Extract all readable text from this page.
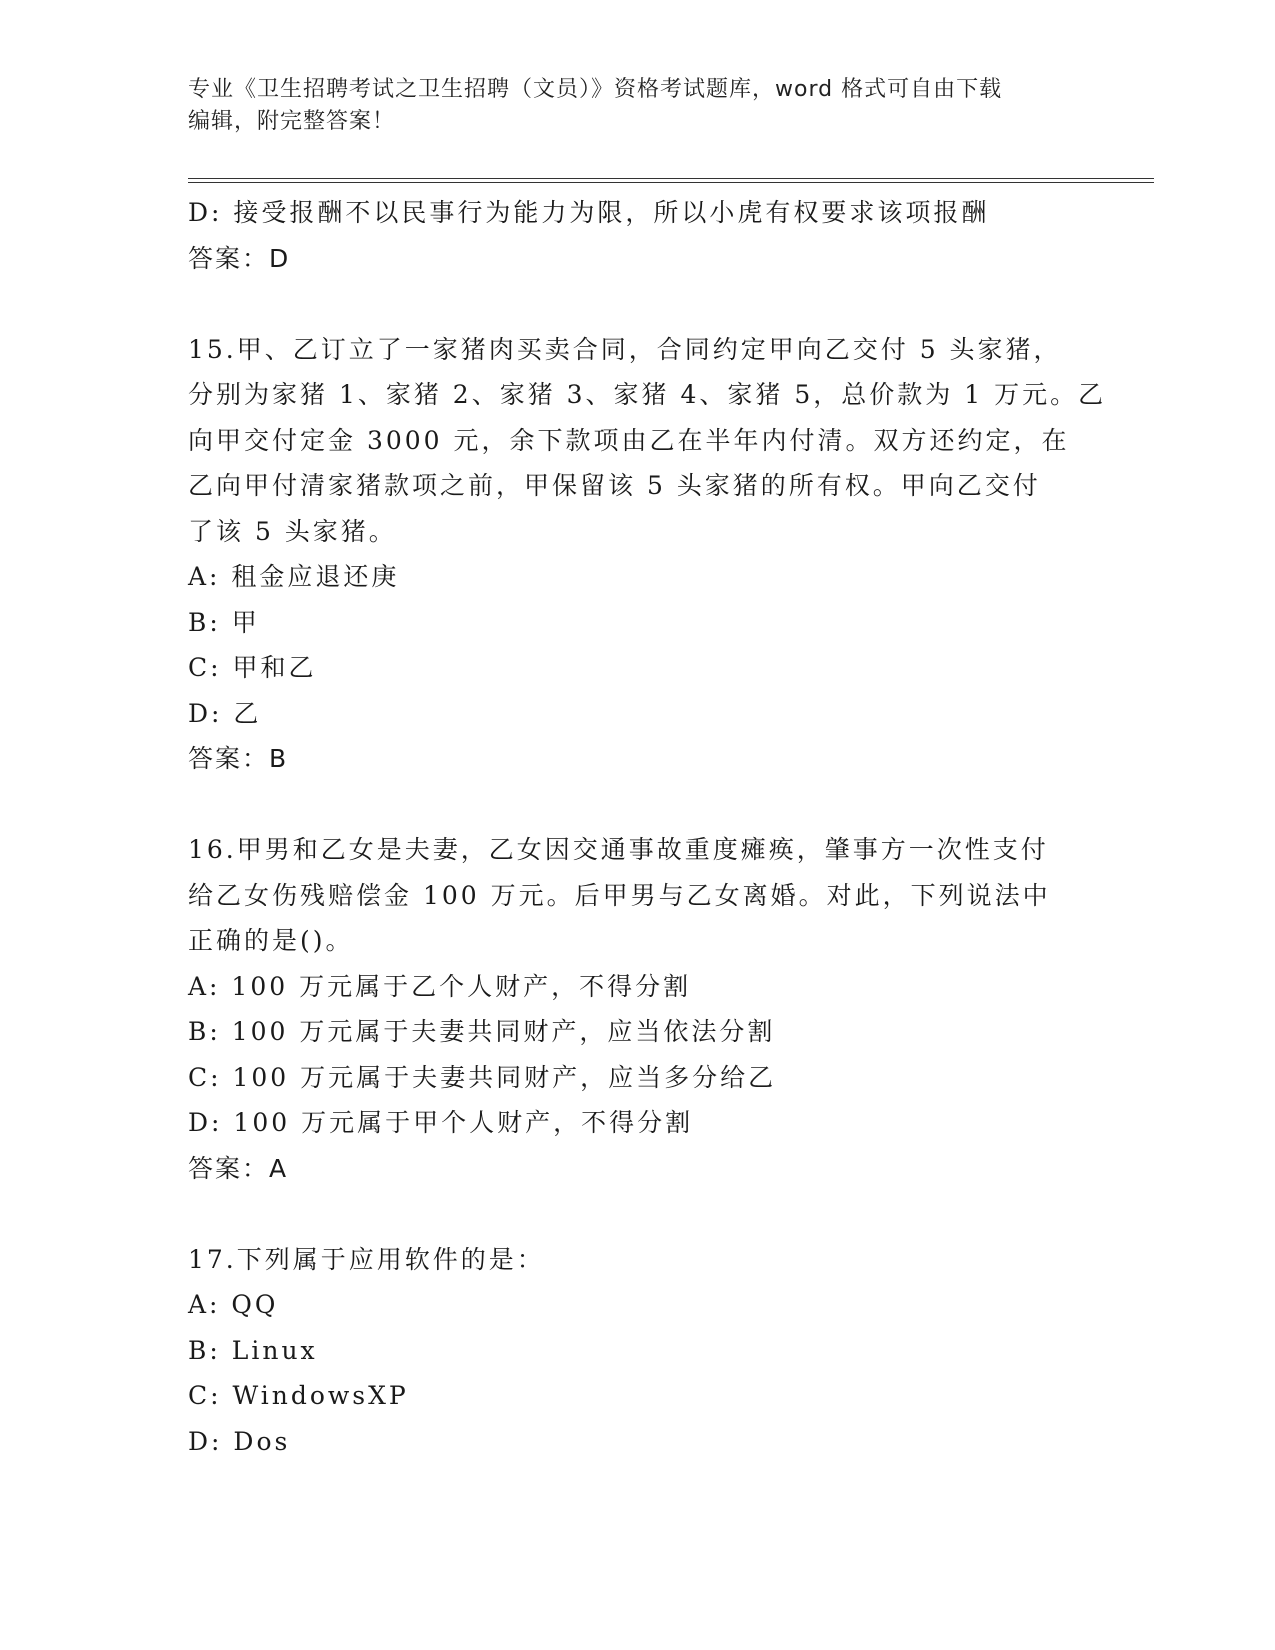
专业《卫生招聘考试之卫生招聘（文员）》资格考试题库，word 格式可自由下载
编辑，附完整答案！
D: 接受报酬不以民事行为能力为限，所以小虎有权要求该项报酬
答案：D
15.甲、乙订立了一家猪肉买卖合同，合同约定甲向乙交付 5 头家猪，
分别为家猪 1、家猪 2、家猪 3、家猪 4、家猪 5，总价款为 1 万元。乙
向甲交付定金 3000 元，余下款项由乙在半年内付清。双方还约定，在
乙向甲付清家猪款项之前，甲保留该 5 头家猪的所有权。甲向乙交付
了该 5 头家猪。
A: 租金应退还庚
B: 甲
C: 甲和乙
D: 乙
答案：B
16.甲男和乙女是夫妻，乙女因交通事故重度瘫痪，肇事方一次性支付
给乙女伤残赔偿金 100 万元。后甲男与乙女离婚。对此，下列说法中
正确的是()。
A: 100 万元属于乙个人财产，不得分割
B: 100 万元属于夫妻共同财产，应当依法分割
C: 100 万元属于夫妻共同财产，应当多分给乙
D: 100 万元属于甲个人财产，不得分割
答案：A
17.下列属于应用软件的是：
A: QQ
B: Linux
C: WindowsXP
D: Dos
